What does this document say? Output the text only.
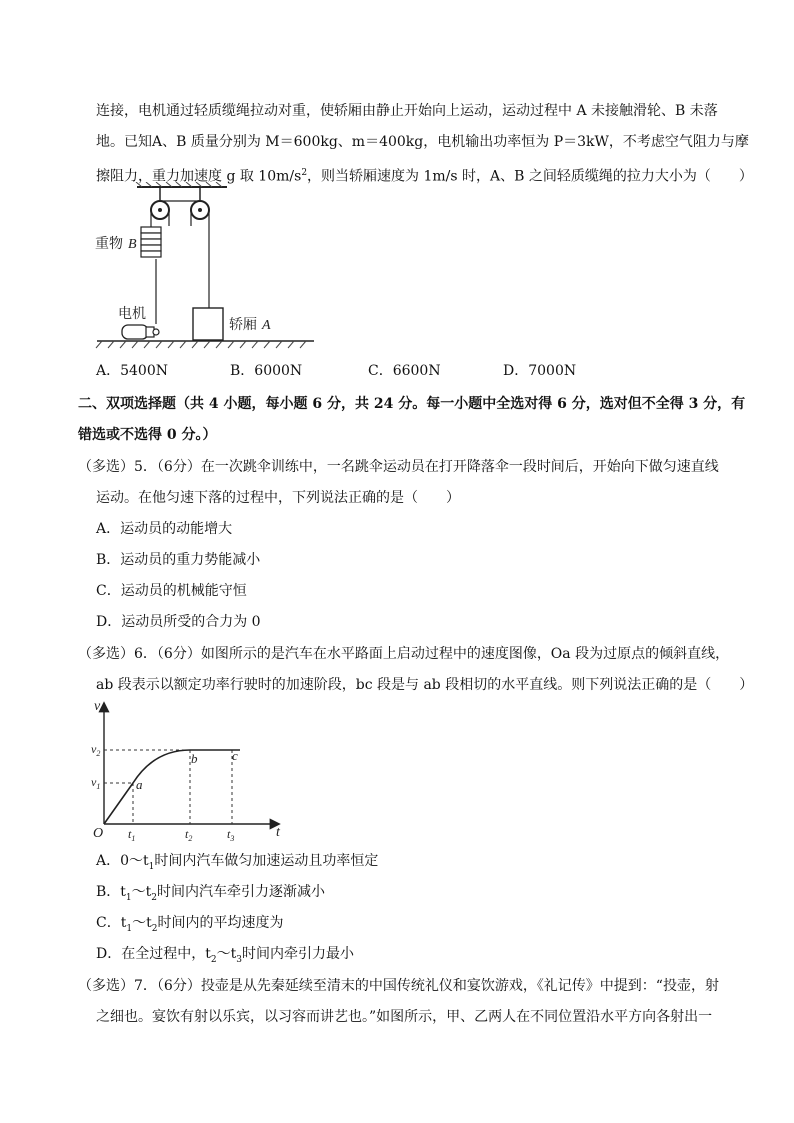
连接，电机通过轻质缆绳拉动对重，使轿厢由静止开始向上运动，运动过程中 A 未接触滑轮、B 未落
地。已知A、B 质量分别为 M＝600kg、m＝400kg，电机输出功率恒为 P＝3kW，不考虑空气阻力与摩
擦阻力，重力加速度 g 取 $10m/s^2$，则当轿厢速度为 1m/s 时，A、B 之间轻质缆绳的拉力大小为（　　）
重物 B
电机
轿厢 A
A．5400N	B．6000N	C．6600N	D．7000N
二、双项选择题（共 4 小题，每小题 6 分，共 24 分。每一小题中全选对得 6 分，选对但不全得 3 分，有
错选或不选得 0 分。）
（多选）5．（6分）在一次跳伞训练中，一名跳伞运动员在打开降落伞一段时间后，开始向下做匀速直线
运动。在他匀速下落的过程中，下列说法正确的是（　　）
A．运动员的动能增大
B．运动员的重力势能减小
C．运动员的机械能守恒
D．运动员所受的合力为 0
（多选）6．（6分）如图所示的是汽车在水平路面上启动过程中的速度图像，Oa 段为过原点的倾斜直线，
ab 段表示以额定功率行驶时的加速阶段，bc 段是与 ab 段相切的水平直线。则下列说法正确的是（　　）
v
t
O
$v_1$
$v_2$
$t_1$	$t_2$	$t_3$
a
b	c
A．$0\sim t_1$时间内汽车做匀加速运动且功率恒定
B．$t_1\sim t_2$时间内汽车牵引力逐渐减小
C．$t_1\sim t_2$时间内的平均速度为
D．在全过程中，$t_2\sim t_3$时间内牵引力最小
（多选）7．（6分）投壶是从先秦延续至清末的中国传统礼仪和宴饮游戏，《礼记传》中提到：“投壶，射
之细也。宴饮有射以乐宾，以习容而讲艺也。”如图所示，甲、乙两人在不同位置沿水平方向各射出一
